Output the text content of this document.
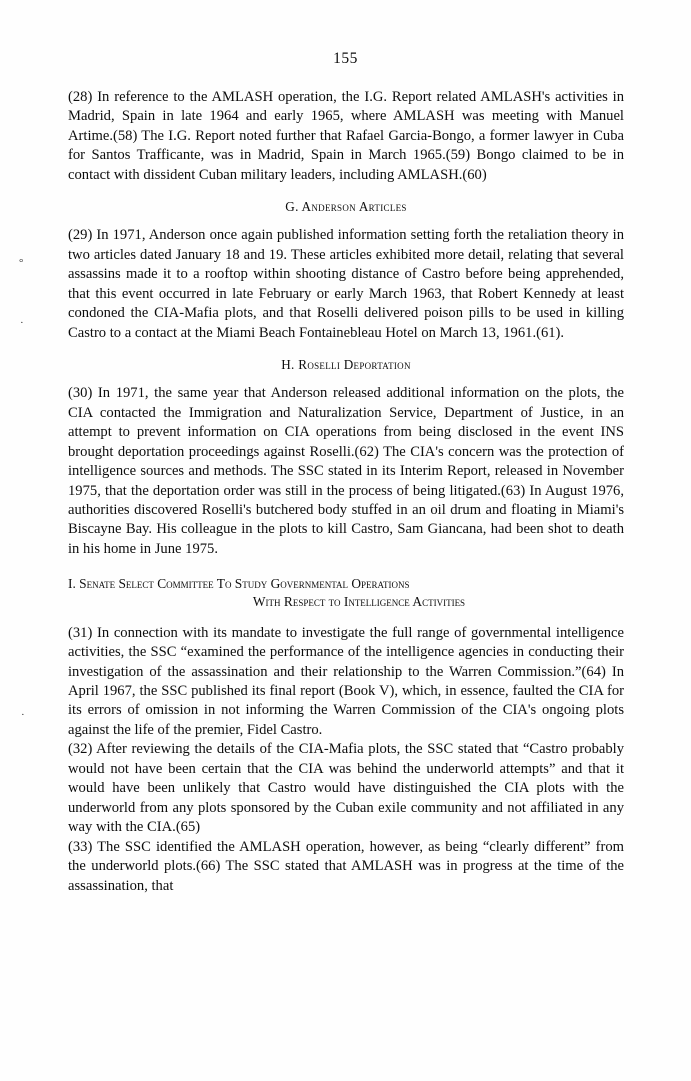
°
·
·
155

(28) In reference to the AMLASH operation, the I.G. Report related AMLASH's activities in Madrid, Spain in late 1964 and early 1965, where AMLASH was meeting with Manuel Artime.(58) The I.G. Report noted further that Rafael Garcia-Bongo, a former lawyer in Cuba for Santos Trafficante, was in Madrid, Spain in March 1965.(59) Bongo claimed to be in contact with dissident Cuban military leaders, including AMLASH.(60)

G. Anderson Articles

(29) In 1971, Anderson once again published information setting forth the retaliation theory in two articles dated January 18 and 19. These articles exhibited more detail, relating that several assassins made it to a rooftop within shooting distance of Castro before being apprehended, that this event occurred in late February or early March 1963, that Robert Kennedy at least condoned the CIA-Mafia plots, and that Roselli delivered poison pills to be used in killing Castro to a contact at the Miami Beach Fontainebleau Hotel on March 13, 1961.(61).

H. Roselli Deportation

(30) In 1971, the same year that Anderson released additional information on the plots, the CIA contacted the Immigration and Naturalization Service, Department of Justice, in an attempt to prevent information on CIA operations from being disclosed in the event INS brought deportation proceedings against Roselli.(62) The CIA's concern was the protection of intelligence sources and methods. The SSC stated in its Interim Report, released in November 1975, that the deportation order was still in the process of being litigated.(63) In August 1976, authorities discovered Roselli's butchered body stuffed in an oil drum and floating in Miami's Biscayne Bay. His colleague in the plots to kill Castro, Sam Giancana, had been shot to death in his home in June 1975.

I. Senate Select Committee To Study Governmental Operations
With Respect to Intelligence Activities

(31) In connection with its mandate to investigate the full range of governmental intelligence activities, the SSC “examined the performance of the intelligence agencies in conducting their investigation of the assassination and their relationship to the Warren Commission.”(64) In April 1967, the SSC published its final report (Book V), which, in essence, faulted the CIA for its errors of omission in not informing the Warren Commission of the CIA's ongoing plots against the life of the premier, Fidel Castro.

(32) After reviewing the details of the CIA-Mafia plots, the SSC stated that “Castro probably would not have been certain that the CIA was behind the underworld attempts” and that it would have been unlikely that Castro would have distinguished the CIA plots with the underworld from any plots sponsored by the Cuban exile community and not affiliated in any way with the CIA.(65)

(33) The SSC identified the AMLASH operation, however, as being “clearly different” from the underworld plots.(66) The SSC stated that AMLASH was in progress at the time of the assassination, that
